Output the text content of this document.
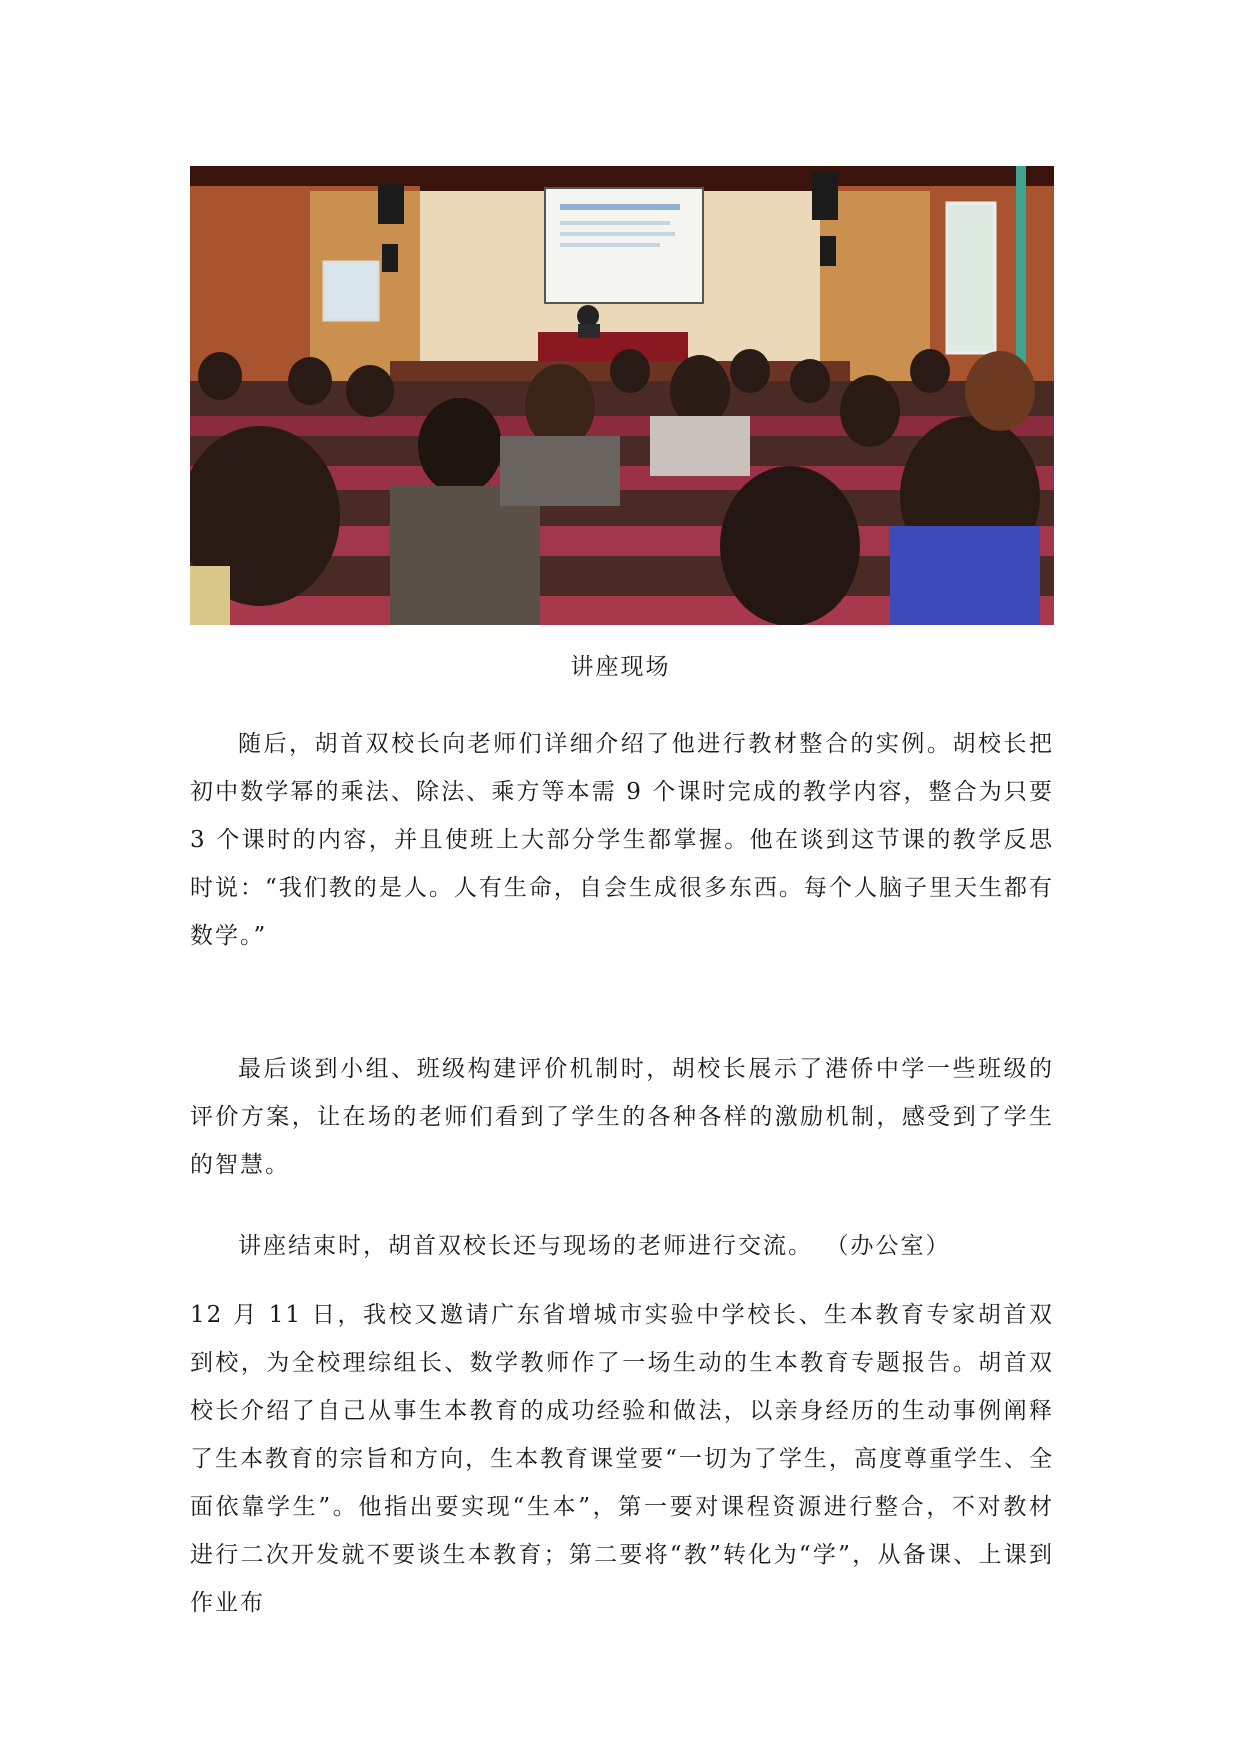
讲座现场

随后，胡首双校长向老师们详细介绍了他进行教材整合的实例。胡校长把初中数学幂的乘法、除法、乘方等本需 9 个课时完成的教学内容，整合为只要 3 个课时的内容，并且使班上大部分学生都掌握。他在谈到这节课的教学反思时说：“我们教的是人。人有生命，自会生成很多东西。每个人脑子里天生都有数学。”

最后谈到小组、班级构建评价机制时，胡校长展示了港侨中学一些班级的评价方案，让在场的老师们看到了学生的各种各样的激励机制，感受到了学生的智慧。

讲座结束时，胡首双校长还与现场的老师进行交流。 （办公室）

12 月 11 日，我校又邀请广东省增城市实验中学校长、生本教育专家胡首双到校，为全校理综组长、数学教师作了一场生动的生本教育专题报告。胡首双校长介绍了自己从事生本教育的成功经验和做法，以亲身经历的生动事例阐释了生本教育的宗旨和方向，生本教育课堂要“一切为了学生，高度尊重学生、全面依靠学生”。他指出要实现“生本”，第一要对课程资源进行整合，不对教材进行二次开发就不要谈生本教育；第二要将“教”转化为“学”，从备课、上课到作业布
